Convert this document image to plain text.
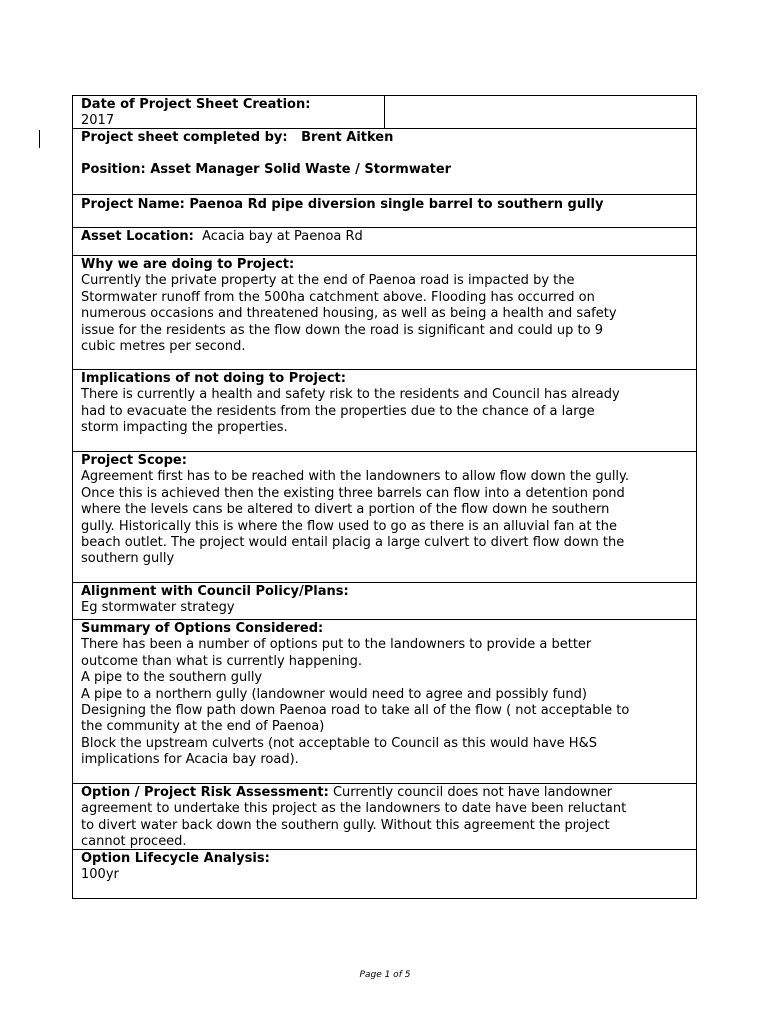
Date of Project Sheet Creation:
2017
Project sheet completed by: Brent Aitken
Position: Asset Manager Solid Waste / Stormwater
Project Name: Paenoa Rd pipe diversion single barrel to southern gully
Asset Location: Acacia bay at Paenoa Rd
Why we are doing to Project:
Currently the private property at the end of Paenoa road is impacted by the
Stormwater runoff from the 500ha catchment above. Flooding has occurred on
numerous occasions and threatened housing, as well as being a health and safety
issue for the residents as the flow down the road is significant and could up to 9
cubic metres per second.
Implications of not doing to Project:
There is currently a health and safety risk to the residents and Council has already
had to evacuate the residents from the properties due to the chance of a large
storm impacting the properties.
Project Scope:
Agreement first has to be reached with the landowners to allow flow down the gully.
Once this is achieved then the existing three barrels can flow into a detention pond
where the levels cans be altered to divert a portion of the flow down he southern
gully. Historically this is where the flow used to go as there is an alluvial fan at the
beach outlet. The project would entail placig a large culvert to divert flow down the
southern gully
Alignment with Council Policy/Plans:
Eg stormwater strategy
Summary of Options Considered:
There has been a number of options put to the landowners to provide a better
outcome than what is currently happening.
A pipe to the southern gully
A pipe to a northern gully (landowner would need to agree and possibly fund)
Designing the flow path down Paenoa road to take all of the flow ( not acceptable to
the community at the end of Paenoa)
Block the upstream culverts (not acceptable to Council as this would have H&S
implications for Acacia bay road).
Option / Project Risk Assessment: Currently council does not have landowner
agreement to undertake this project as the landowners to date have been reluctant
to divert water back down the southern gully. Without this agreement the project
cannot proceed.
Option Lifecycle Analysis:
100yr
Page 1 of 5
